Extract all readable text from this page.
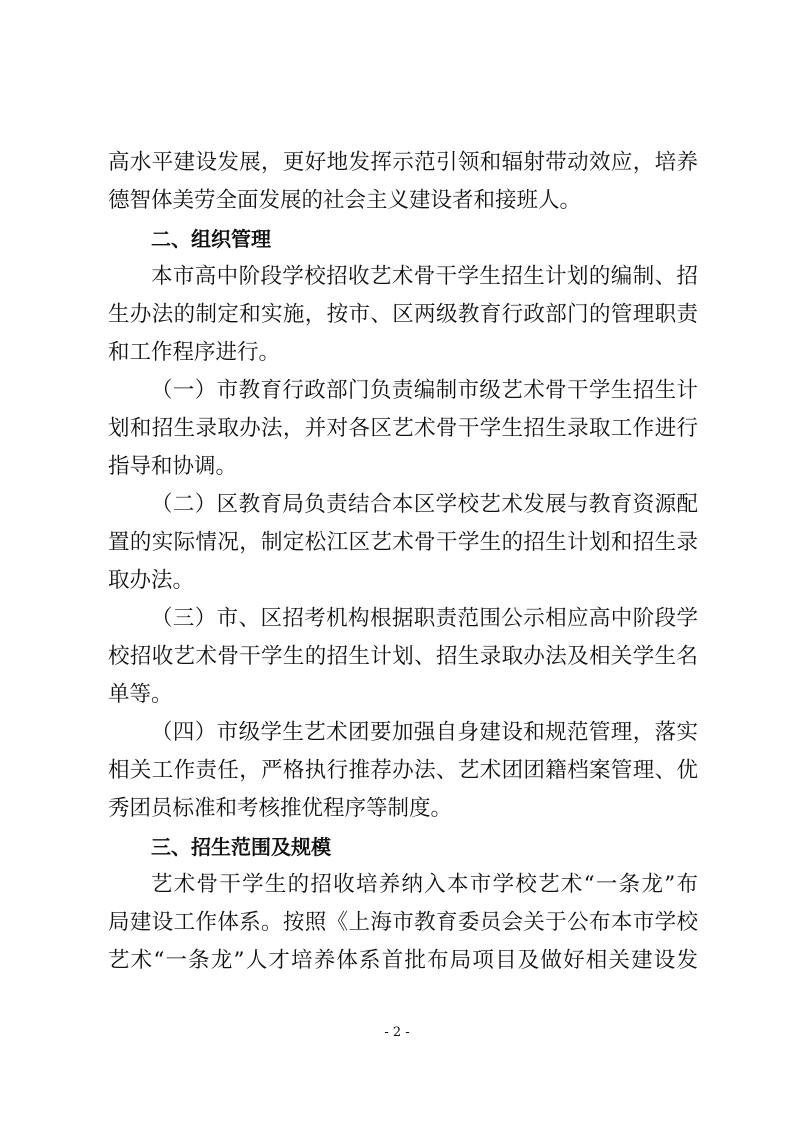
高水平建设发展，更好地发挥示范引领和辐射带动效应，培养
德智体美劳全面发展的社会主义建设者和接班人。
二、组织管理
本市高中阶段学校招收艺术骨干学生招生计划的编制、招
生办法的制定和实施，按市、区两级教育行政部门的管理职责
和工作程序进行。
（一）市教育行政部门负责编制市级艺术骨干学生招生计
划和招生录取办法，并对各区艺术骨干学生招生录取工作进行
指导和协调。
（二）区教育局负责结合本区学校艺术发展与教育资源配
置的实际情况，制定松江区艺术骨干学生的招生计划和招生录
取办法。
（三）市、区招考机构根据职责范围公示相应高中阶段学
校招收艺术骨干学生的招生计划、招生录取办法及相关学生名
单等。
（四）市级学生艺术团要加强自身建设和规范管理，落实
相关工作责任，严格执行推荐办法、艺术团团籍档案管理、优
秀团员标准和考核推优程序等制度。
三、招生范围及规模
艺术骨干学生的招收培养纳入本市学校艺术“一条龙”布
局建设工作体系。按照《上海市教育委员会关于公布本市学校
艺术“一条龙”人才培养体系首批布局项目及做好相关建设发
- 2 -
